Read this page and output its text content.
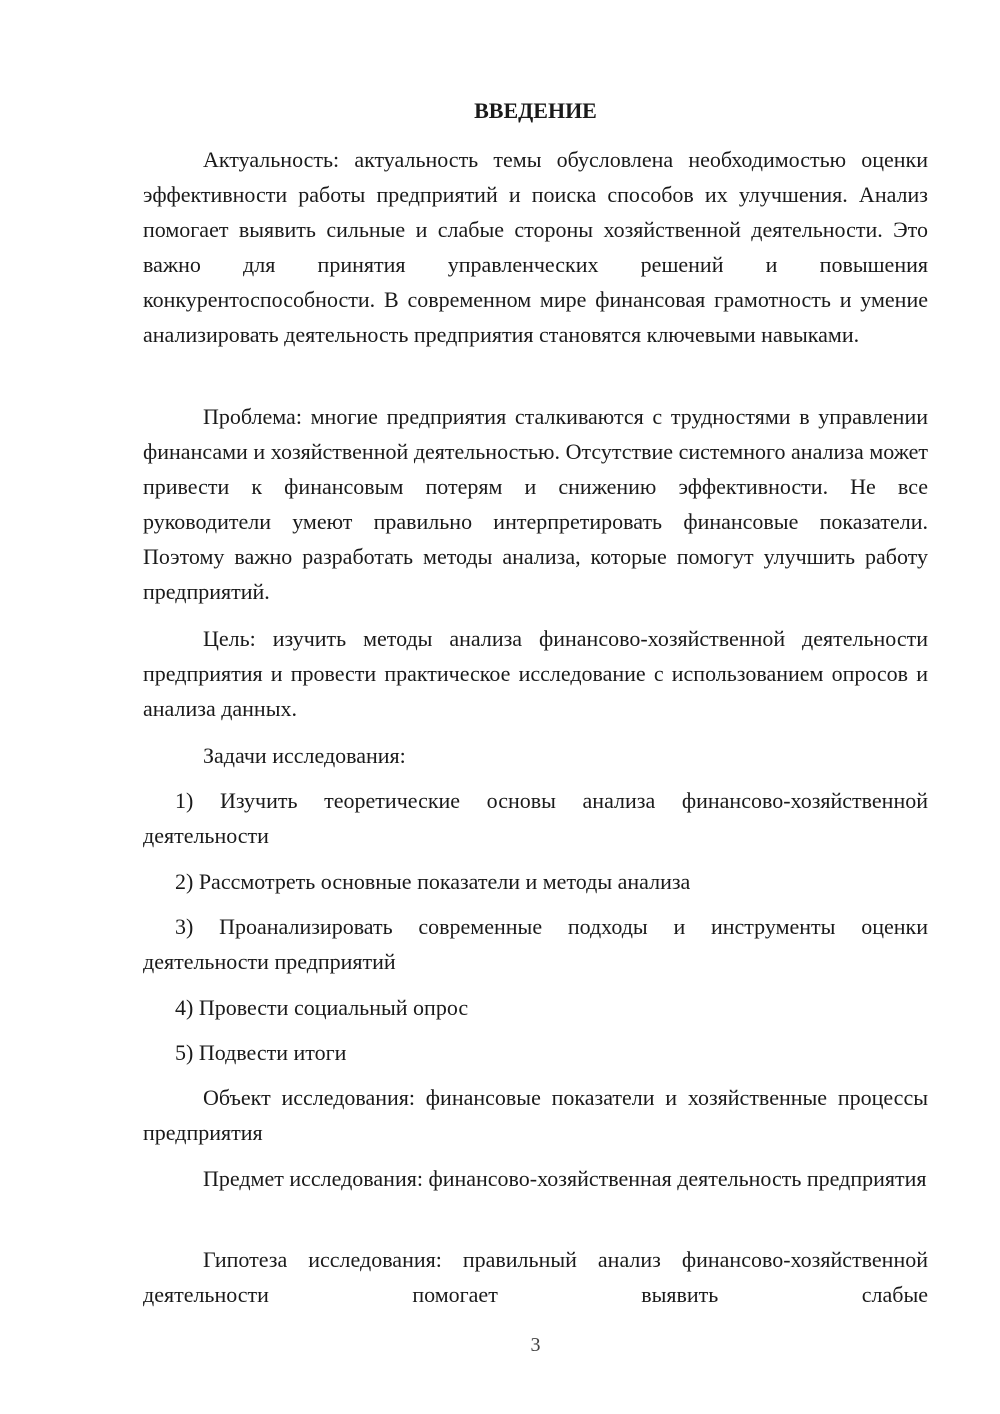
ВВЕДЕНИЕ

Актуальность: актуальность темы обусловлена необходимостью оценки эффективности работы предприятий и поиска способов их улучшения. Анализ помогает выявить сильные и слабые стороны хозяйственной деятельности. Это важно для принятия управленческих решений и повышения конкурентоспособности. В современном мире финансовая грамотность и умение анализировать деятельность предприятия становятся ключевыми навыками.

Проблема: многие предприятия сталкиваются с трудностями в управлении финансами и хозяйственной деятельностью. Отсутствие системного анализа может привести к финансовым потерям и снижению эффективности. Не все руководители умеют правильно интерпретировать финансовые показатели. Поэтому важно разработать методы анализа, которые помогут улучшить работу предприятий.

Цель: изучить методы анализа финансово-хозяйственной деятельности предприятия и провести практическое исследование с использованием опросов и анализа данных.

Задачи исследования:

1) Изучить теоретические основы анализа финансово-хозяйственной деятельности

2) Рассмотреть основные показатели и методы анализа

3) Проанализировать современные подходы и инструменты оценки деятельности предприятий

4) Провести социальный опрос

5) Подвести итоги

Объект исследования: финансовые показатели и хозяйственные процессы предприятия

Предмет исследования: финансово-хозяйственная деятельность предприятия

Гипотеза исследования: правильный анализ финансово-хозяйственной деятельности помогает выявить слабые

3
